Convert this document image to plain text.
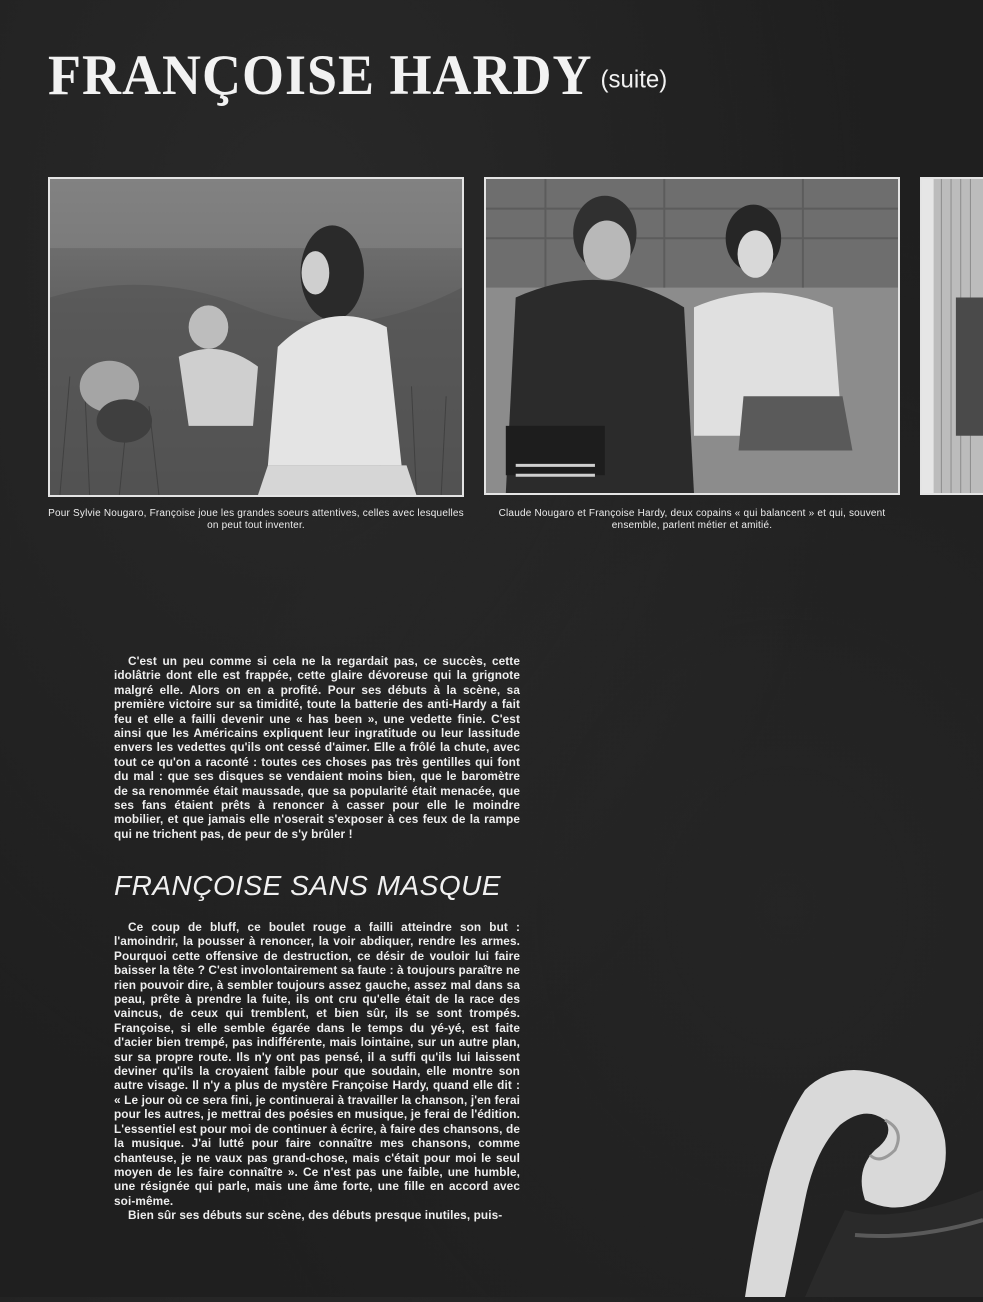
FRANÇOISE HARDY (suite)
Pour Sylvie Nougaro, Françoise joue les grandes soeurs attentives, celles avec lesquelles on peut tout inventer.
Claude Nougaro et Françoise Hardy, deux copains « qui balancent » et qui, souvent ensemble, parlent métier et amitié.

C'est un peu comme si cela ne la regardait pas, ce succès, cette idolâtrie dont elle est frappée, cette glaire dévoreuse qui la grignote malgré elle. Alors on en a profité. Pour ses débuts à la scène, sa première victoire sur sa timidité, toute la batterie des anti-Hardy a fait feu et elle a failli devenir une « has been », une vedette finie. C'est ainsi que les Américains expliquent leur ingratitude ou leur lassitude envers les vedettes qu'ils ont cessé d'aimer. Elle a frôlé la chute, avec tout ce qu'on a raconté : toutes ces choses pas très gentilles qui font du mal : que ses disques se vendaient moins bien, que le baromètre de sa renommée était maussade, que sa popularité était menacée, que ses fans étaient prêts à renoncer à casser pour elle le moindre mobilier, et que jamais elle n'oserait s'exposer à ces feux de la rampe qui ne trichent pas, de peur de s'y brûler !

FRANÇOISE SANS MASQUE

Ce coup de bluff, ce boulet rouge a failli atteindre son but : l'amoindrir, la pousser à renoncer, la voir abdiquer, rendre les armes. Pourquoi cette offensive de destruction, ce désir de vouloir lui faire baisser la tête ? C'est involontairement sa faute : à toujours paraître ne rien pouvoir dire, à sembler toujours assez gauche, assez mal dans sa peau, prête à prendre la fuite, ils ont cru qu'elle était de la race des vaincus, de ceux qui tremblent, et bien sûr, ils se sont trompés. Françoise, si elle semble égarée dans le temps du yé-yé, est faite d'acier bien trempé, pas indifférente, mais lointaine, sur un autre plan, sur sa propre route. Ils n'y ont pas pensé, il a suffi qu'ils lui laissent deviner qu'ils la croyaient faible pour que soudain, elle montre son autre visage. Il n'y a plus de mystère Françoise Hardy, quand elle dit : « Le jour où ce sera fini, je continuerai à travailler la chanson, j'en ferai pour les autres, je mettrai des poésies en musique, je ferai de l'édition. L'essentiel est pour moi de continuer à écrire, à faire des chansons, de la musique. J'ai lutté pour faire connaître mes chansons, comme chanteuse, je ne vaux pas grand-chose, mais c'était pour moi le seul moyen de les faire connaître ». Ce n'est pas une faible, une humble, une résignée qui parle, mais une âme forte, une fille en accord avec soi-même.

Bien sûr ses débuts sur scène, des débuts presque inutiles, puis-
